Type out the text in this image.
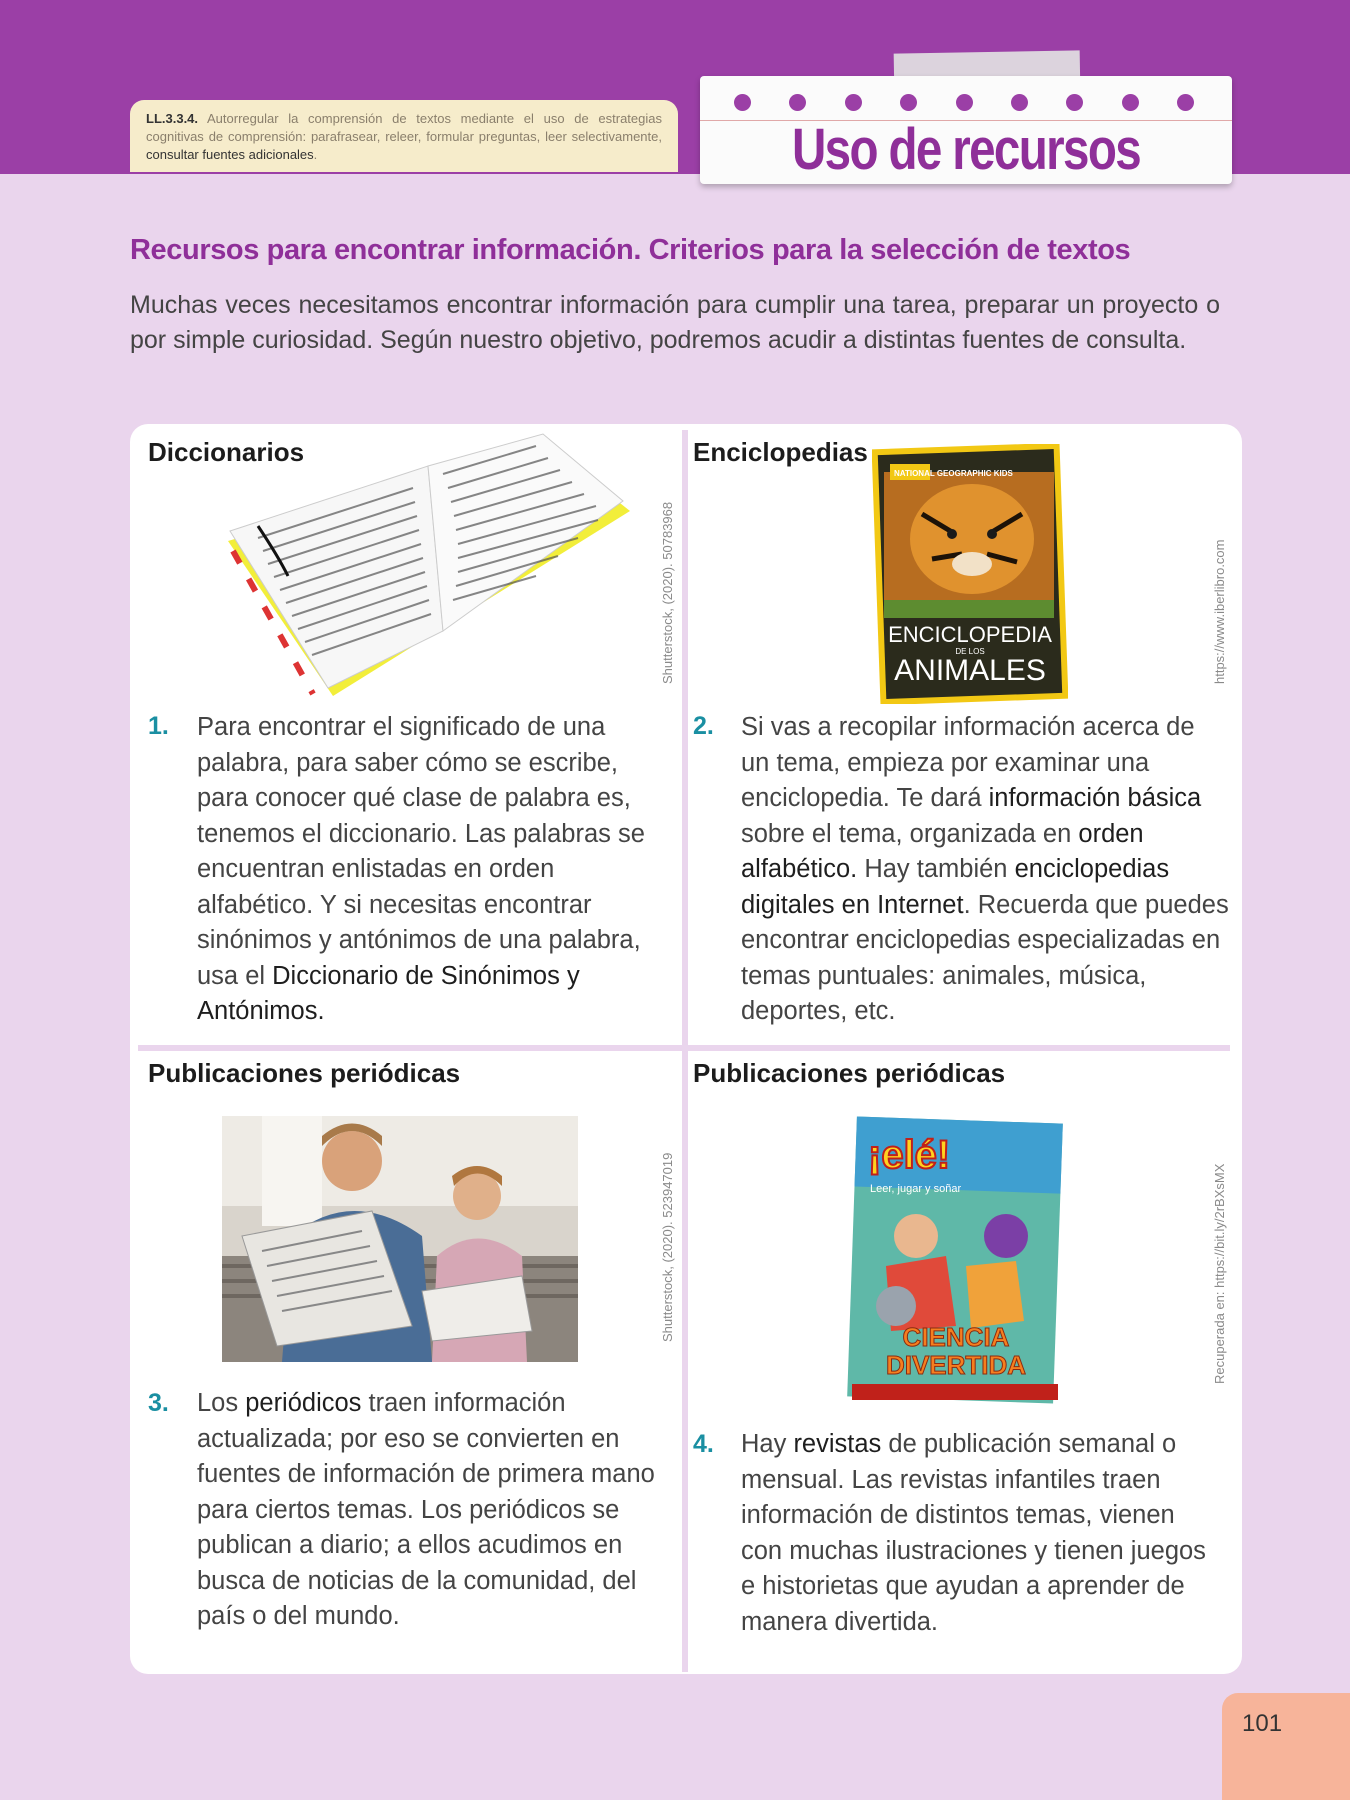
LL.3.3.4. Autorregular la comprensión de textos mediante el uso de estrategias cognitivas de comprensión: parafrasear, releer, formular preguntas, leer selectivamente, consultar fuentes adicionales.	Uso de recursos
Recursos para encontrar información. Criterios para la selección de textos
Muchas veces necesitamos encontrar información para cumplir una tarea, preparar un proyecto o por simple curiosidad. Según nuestro objetivo, podremos acudir a distintas fuentes de consulta.
Diccionarios
Shutterstock, (2020). 50783968
1. Para encontrar el significado de una palabra, para saber cómo se escribe, para conocer qué clase de palabra es, tenemos el diccionario. Las palabras se encuentran enlistadas en orden alfabético. Y si necesitas encontrar sinónimos y antónimos de una palabra, usa el Diccionario de Sinónimos y Antónimos.
Enciclopedias
NATIONAL GEOGRAPHIC KIDS
ENCICLOPEDIA
DE LOS
ANIMALES	https://www.iberlibro.com
2. Si vas a recopilar información acerca de un tema, empieza por examinar una enciclopedia. Te dará información básica sobre el tema, organizada en orden alfabético. Hay también enciclopedias digitales en Internet. Recuerda que puedes encontrar enciclopedias especializadas en temas puntuales: animales, música, deportes, etc.
Publicaciones periódicas
Shutterstock, (2020). 523947019
3. Los periódicos traen información actualizada; por eso se convierten en fuentes de información de primera mano para ciertos temas. Los periódicos se publican a diario; a ellos acudimos en busca de noticias de la comunidad, del país o del mundo.
Publicaciones periódicas
¡elé!
Leer, jugar y soñar
CIENCIA
DIVERTIDA	Recuperada en: https://bit.ly/2rBXsMX
4. Hay revistas de publicación semanal o mensual. Las revistas infantiles traen información de distintos temas, vienen con muchas ilustraciones y tienen juegos e historietas que ayudan a aprender de manera divertida.
101
